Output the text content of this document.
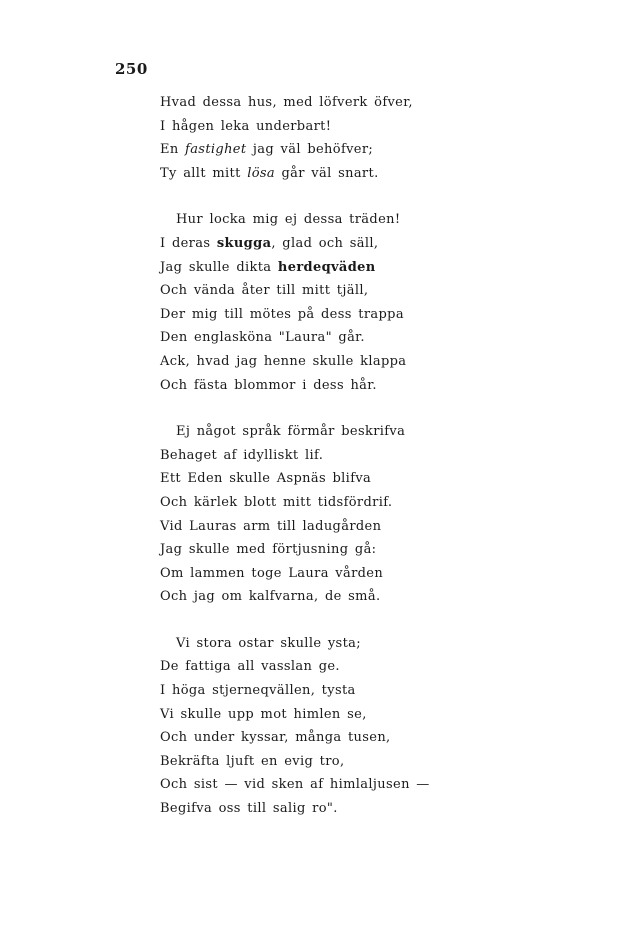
250
Hvad dessa hus, med löfverk öfver,
I hågen leka underbart!
En fastighet jag väl behöfver;
Ty allt mitt lösa går väl snart.
Hur locka mig ej dessa träden!
I deras skugga, glad och säll,
Jag skulle dikta herdeqväden
Och vända åter till mitt tjäll,
Der mig till mötes på dess trappa
Den englasköna "Laura" går.
Ack, hvad jag henne skulle klappa
Och fästa blommor i dess hår.
Ej något språk förmår beskrifva
Behaget af idylliskt lif.
Ett Eden skulle Aspnäs blifva
Och kärlek blott mitt tidsfördrif.
Vid Lauras arm till ladugården
Jag skulle med förtjusning gå:
Om lammen toge Laura vården
Och jag om kalfvarna, de små.
Vi stora ostar skulle ysta;
De fattiga all vasslan ge.
I höga stjerneqvällen, tysta
Vi skulle upp mot himlen se,
Och under kyssar, många tusen,
Bekräfta ljuft en evig tro,
Och sist — vid sken af himlaljusen —
Begifva oss till salig ro".
